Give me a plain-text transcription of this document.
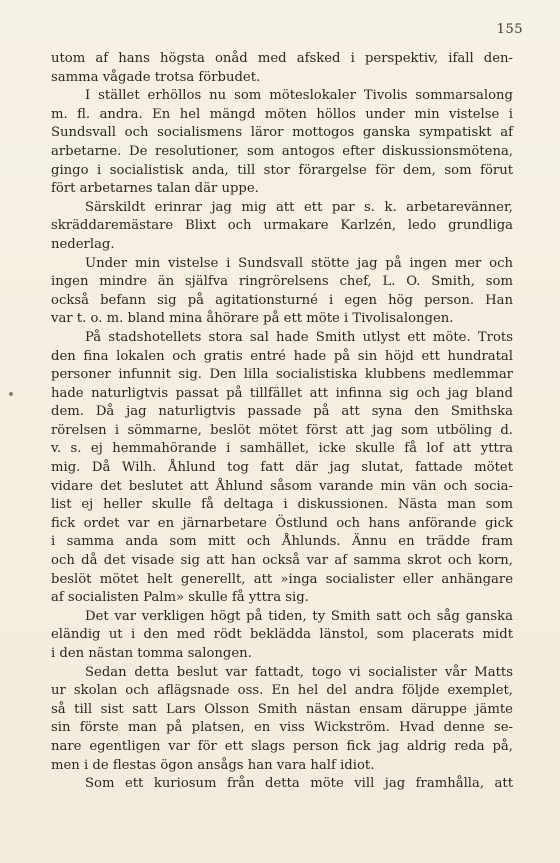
155
utom af hans högsta onåd med afsked i perspektiv, ifall den-
samma vågade trotsa förbudet.
I stället erhöllos nu som möteslokaler Tivolis sommarsalong
m. fl. andra. En hel mängd möten höllos under min vistelse i
Sundsvall och socialismens läror mottogos ganska sympatiskt af
arbetarne. De resolutioner, som antogos efter diskussionsmötena,
gingo i socialistisk anda, till stor förargelse för dem, som förut
fört arbetarnes talan där uppe.
Särskildt erinrar jag mig att ett par s. k. arbetarevänner,
skräddaremästare Blixt och urmakare Karlzén, ledo grundliga
nederlag.
Under min vistelse i Sundsvall stötte jag på ingen mer och
ingen mindre än själfva ringrörelsens chef, L. O. Smith, som
också befann sig på agitationsturné i egen hög person. Han
var t. o. m. bland mina åhörare på ett möte i Tivolisalongen.
På stadshotellets stora sal hade Smith utlyst ett möte. Trots
den fina lokalen och gratis entré hade på sin höjd ett hundratal
personer infunnit sig. Den lilla socialistiska klubbens medlemmar
hade naturligtvis passat på tillfället att infinna sig och jag bland
dem. Då jag naturligtvis passade på att syna den Smithska
rörelsen i sömmarne, beslöt mötet först att jag som utböling d.
v. s. ej hemmahörande i samhället, icke skulle få lof att yttra
mig. Då Wilh. Åhlund tog fatt där jag slutat, fattade mötet
vidare det beslutet att Åhlund såsom varande min vän och socia-
list ej heller skulle få deltaga i diskussionen. Nästa man som
fick ordet var en järnarbetare Östlund och hans anförande gick
i samma anda som mitt och Åhlunds. Ännu en trädde fram
och då det visade sig att han också var af samma skrot och korn,
beslöt mötet helt generellt, att »inga socialister eller anhängare
af socialisten Palm» skulle få yttra sig.
Det var verkligen högt på tiden, ty Smith satt och såg ganska
eländig ut i den med rödt beklädda länstol, som placerats midt
i den nästan tomma salongen.
Sedan detta beslut var fattadt, togo vi socialister vår Matts
ur skolan och aflägsnade oss. En hel del andra följde exemplet,
så till sist satt Lars Olsson Smith nästan ensam däruppe jämte
sin förste man på platsen, en viss Wickström. Hvad denne se-
nare egentligen var för ett slags person fick jag aldrig reda på,
men i de flestas ögon ansågs han vara half idiot.
Som ett kuriosum från detta möte vill jag framhålla, att
